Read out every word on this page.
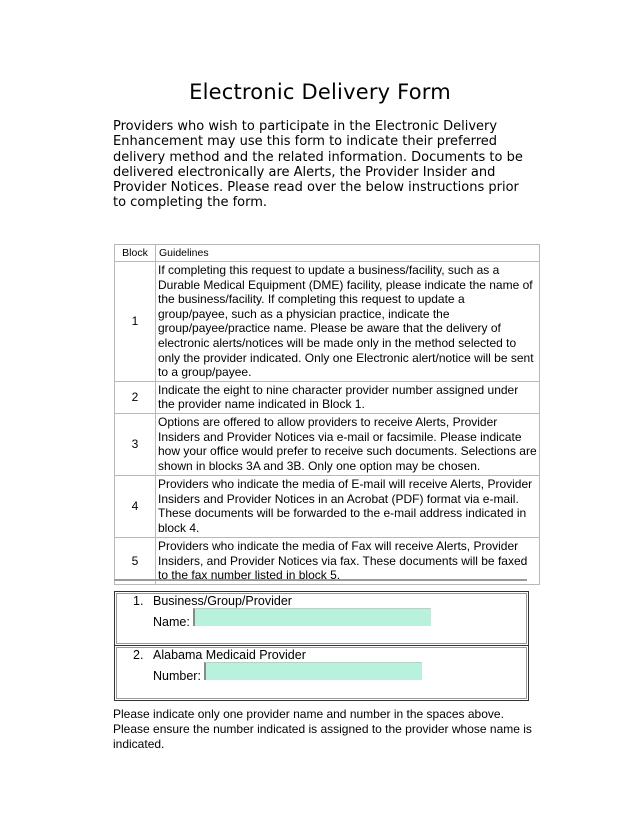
Electronic Delivery Form
Providers who wish to participate in the Electronic Delivery Enhancement may use this form to indicate their preferred delivery method and the related information. Documents to be delivered electronically are Alerts, the Provider Insider and Provider Notices. Please read over the below instructions prior to completing the form.
Block	Guidelines
1	If completing this request to update a business/facility, such as a Durable Medical Equipment (DME) facility, please indicate the name of the business/facility. If completing this request to update a group/payee, such as a physician practice, indicate the group/payee/practice name. Please be aware that the delivery of electronic alerts/notices will be made only in the method selected to only the provider indicated. Only one Electronic alert/notice will be sent to a group/payee.
2	Indicate the eight to nine character provider number assigned under the provider name indicated in Block 1.
3	Options are offered to allow providers to receive Alerts, Provider Insiders and Provider Notices via e-mail or facsimile. Please indicate how your office would prefer to receive such documents. Selections are shown in blocks 3A and 3B. Only one option may be chosen.
4	Providers who indicate the media of E-mail will receive Alerts, Provider Insiders and Provider Notices in an Acrobat (PDF) format via e-mail. These documents will be forwarded to the e-mail address indicated in block 4.
5	Providers who indicate the media of Fax will receive Alerts, Provider Insiders, and Provider Notices via fax. These documents will be faxed to the fax number listed in block 5.
1. Business/Group/Provider
Name:
2. Alabama Medicaid Provider
Number:
Please indicate only one provider name and number in the spaces above. Please ensure the number indicated is assigned to the provider whose name is indicated.
